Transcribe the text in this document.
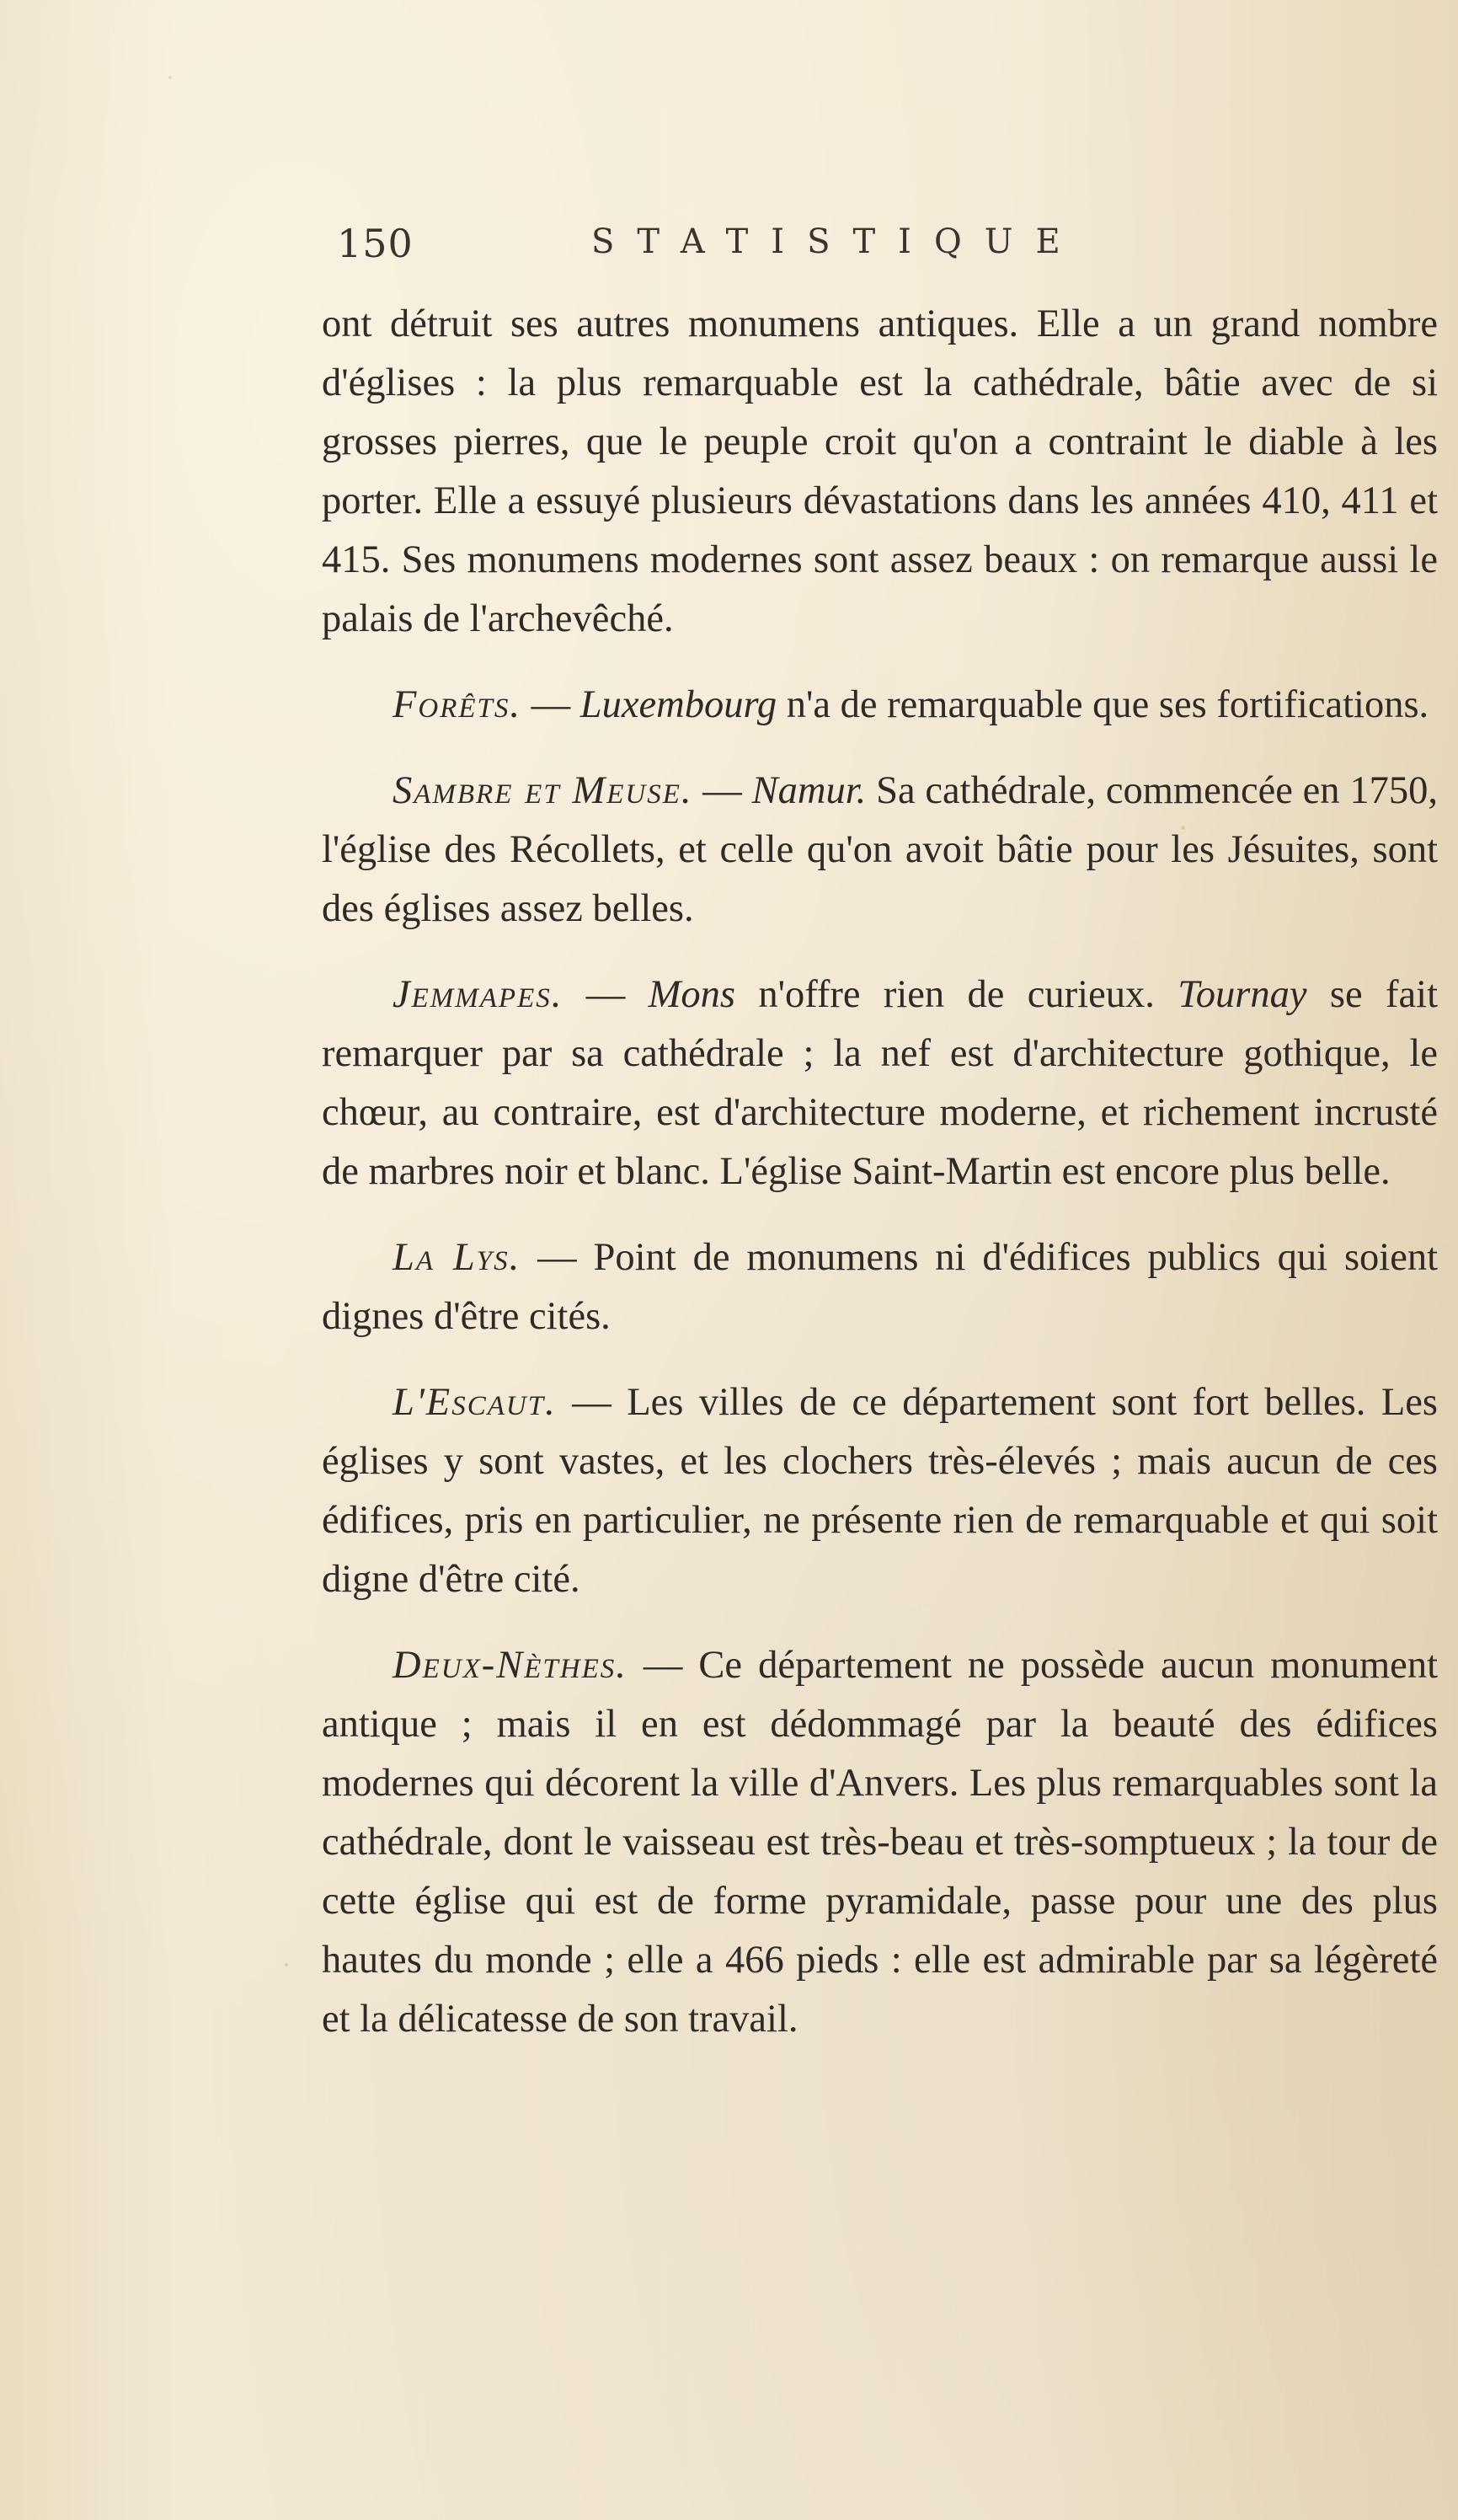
150	STATISTIQUE

ont détruit ses autres monumens antiques. Elle a un grand nombre d'églises : la plus remarquable est la cathédrale, bâtie avec de si grosses pierres, que le peuple croit qu'on a contraint le diable à les porter. Elle a essuyé plusieurs dévastations dans les années 410, 411 et 415. Ses monumens modernes sont assez beaux : on remarque aussi le palais de l'archevêché.

Forêts. — Luxembourg n'a de remarquable que ses fortifications.

Sambre et Meuse. — Namur. Sa cathédrale, commencée en 1750, l'église des Récollets, et celle qu'on avoit bâtie pour les Jésuites, sont des églises assez belles.

Jemmapes. — Mons n'offre rien de curieux. Tournay se fait remarquer par sa cathédrale ; la nef est d'architecture gothique, le chœur, au contraire, est d'architecture moderne, et richement incrusté de marbres noir et blanc. L'église Saint-Martin est encore plus belle.

La Lys. — Point de monumens ni d'édifices publics qui soient dignes d'être cités.

L'Escaut. — Les villes de ce département sont fort belles. Les églises y sont vastes, et les clochers très-élevés ; mais aucun de ces édifices, pris en particulier, ne présente rien de remarquable et qui soit digne d'être cité.

Deux-Nèthes. — Ce département ne possède aucun monument antique ; mais il en est dédommagé par la beauté des édifices modernes qui décorent la ville d'Anvers. Les plus remarquables sont la cathédrale, dont le vaisseau est très-beau et très-somptueux ; la tour de cette église qui est de forme pyramidale, passe pour une des plus hautes du monde ; elle a 466 pieds : elle est admirable par sa légèreté et la délicatesse de son travail.
